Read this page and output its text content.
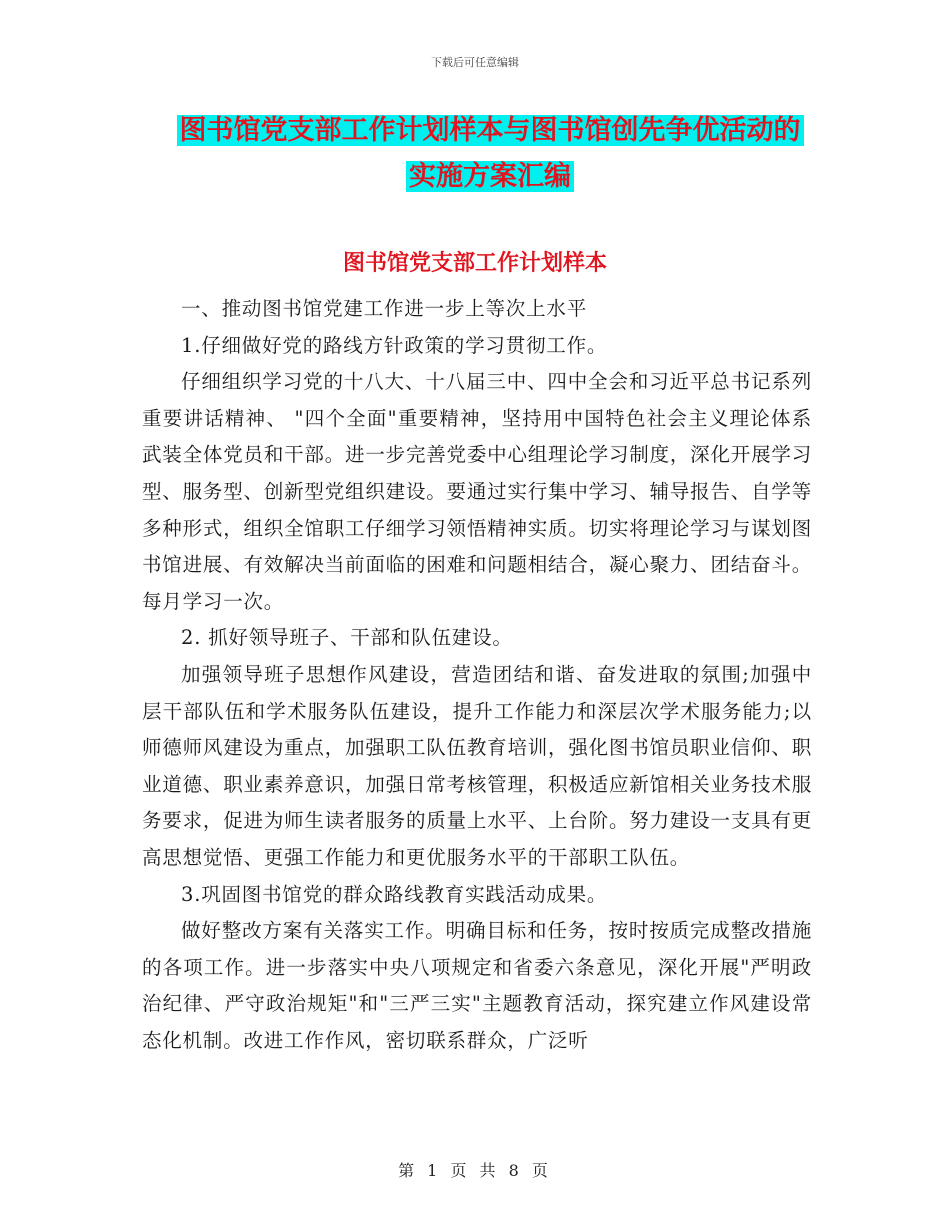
下载后可任意编辑
图书馆党支部工作计划样本与图书馆创先争优活动的
实施方案汇编
图书馆党支部工作计划样本

一、推动图书馆党建工作进一步上等次上水平

1.仔细做好党的路线方针政策的学习贯彻工作。

仔细组织学习党的十八大、十八届三中、四中全会和习近平总书记系列重要讲话精神、 "四个全面"重要精神，坚持用中国特色社会主义理论体系武装全体党员和干部。进一步完善党委中心组理论学习制度，深化开展学习型、服务型、创新型党组织建设。要通过实行集中学习、辅导报告、自学等多种形式，组织全馆职工仔细学习领悟精神实质。切实将理论学习与谋划图书馆进展、有效解决当前面临的困难和问题相结合，凝心聚力、团结奋斗。每月学习一次。

2. 抓好领导班子、干部和队伍建设。

加强领导班子思想作风建设，营造团结和谐、奋发进取的氛围;加强中层干部队伍和学术服务队伍建设，提升工作能力和深层次学术服务能力;以师德师风建设为重点，加强职工队伍教育培训，强化图书馆员职业信仰、职业道德、职业素养意识，加强日常考核管理，积极适应新馆相关业务技术服务要求，促进为师生读者服务的质量上水平、上台阶。努力建设一支具有更高思想觉悟、更强工作能力和更优服务水平的干部职工队伍。

3.巩固图书馆党的群众路线教育实践活动成果。

做好整改方案有关落实工作。明确目标和任务，按时按质完成整改措施的各项工作。进一步落实中央八项规定和省委六条意见，深化开展"严明政治纪律、严守政治规矩"和"三严三实"主题教育活动，探究建立作风建设常态化机制。改进工作作风，密切联系群众，广泛听

第 1 页 共 8 页
